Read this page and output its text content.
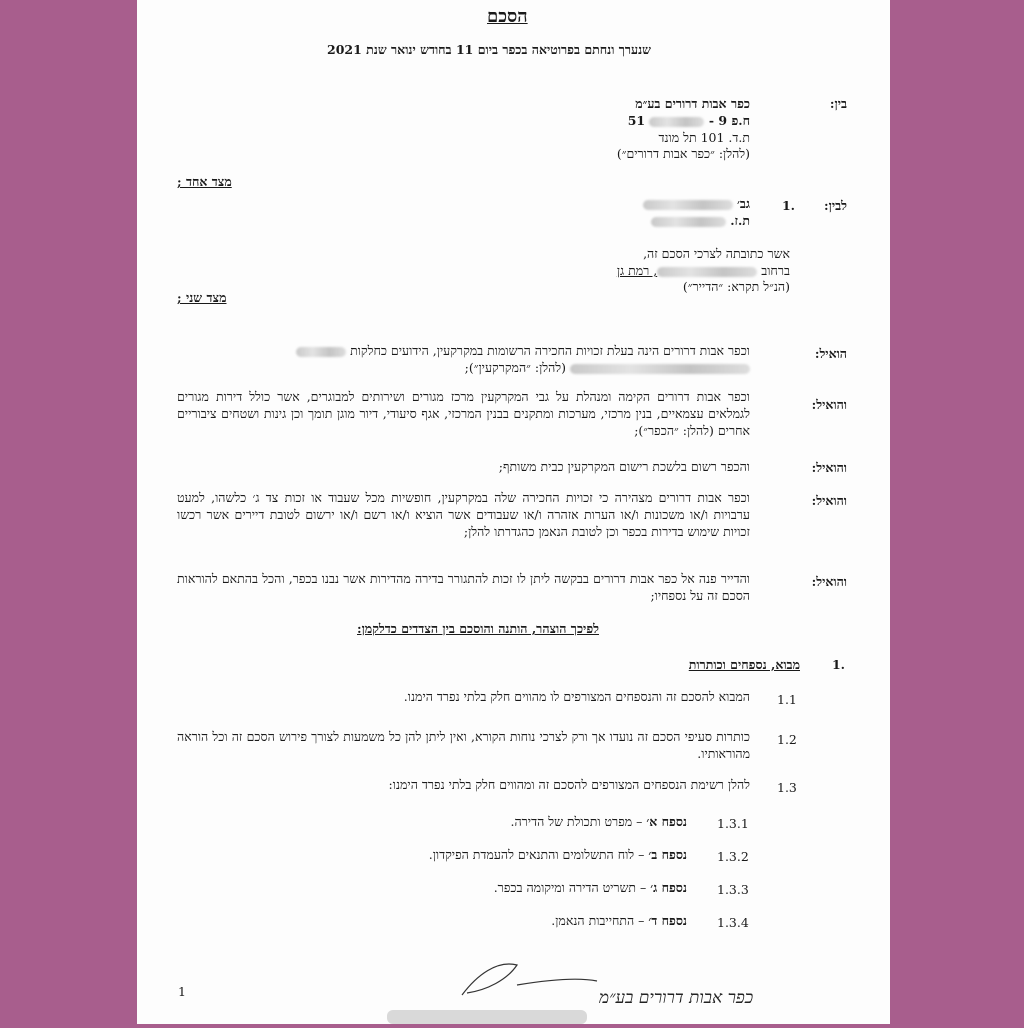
הסכם
שנערך ונחתם בפרוטיאה בכפר ביום 11 בחודש ינואר שנת 2021
בין:
כפר אבות דרורים בע״מ
ח.פ 9 -  51
ת.ד. 101 תל מונד
(להלן: ״כפר אבות דרורים״)
מצד אחד ;
לבין:
1.
גב׳
ת.ז.
אשר כתובתה לצרכי הסכם זה,
ברחוב , רמת גן
(הנ״ל תקרא: ״הדייר״)
מצד שני ;
הואיל:
וכפר אבות דרורים הינה בעלת זכויות החכירה הרשומות במקרקעין, הידועים כחלקות
(להלן: ״המקרקעין״);
והואיל:
וכפר אבות דרורים הקימה ומנהלת על גבי המקרקעין מרכז מגורים ושירותים למבוגרים, אשר כולל דירות מגורים לגמלאים עצמאיים, בנין מרכזי, מערכות ומתקנים בבנין המרכזי, אגף סיעודי, דיור מוגן תומך וכן גינות ושטחים ציבוריים אחרים (להלן: ״הכפר״);
והואיל:
והכפר רשום בלשכת רישום המקרקעין כבית משותף;
והואיל:
וכפר אבות דרורים מצהירה כי זכויות החכירה שלה במקרקעין, חופשיות מכל שעבוד או זכות צד ג׳ כלשהו, למעט ערבויות ו/או משכונות ו/או הערות אזהרה ו/או שעבודים אשר הוציא ו/או רשם ו/או ירשום לטובת דיירים אשר רכשו זכויות שימוש בדירות בכפר וכן לטובת הנאמן כהגדרתו להלן;
והואיל:
והדייר פנה אל כפר אבות דרורים בבקשה ליתן לו זכות להתגורר בדירה מהדירות אשר נבנו בכפר, והכל בהתאם להוראות הסכם זה על נספחיו;
לפיכך הוצהר, הותנה והוסכם בין הצדדים כדלקמן:
1.
מבוא, נספחים וכותרות
1.1
המבוא להסכם זה והנספחים המצורפים לו מהווים חלק בלתי נפרד הימנו.
1.2
כותרות סעיפי הסכם זה נועדו אך ורק לצרכי נוחות הקורא, ואין ליתן להן כל משמעות לצורך פירוש הסכם זה וכל הוראה מהוראותיו.
1.3
להלן רשימת הנספחים המצורפים להסכם זה ומהווים חלק בלתי נפרד הימנו:
1.3.1
נספח א׳ – מפרט ותכולת של הדירה.
1.3.2
נספח ב׳ – לוח התשלומים והתנאים להעמדת הפיקדון.
1.3.3
נספח ג׳ – תשריט הדירה ומיקומה בכפר.
1.3.4
נספח ד׳ – התחייבות הנאמן.
1	כפר אבות דרורים בע״מ
